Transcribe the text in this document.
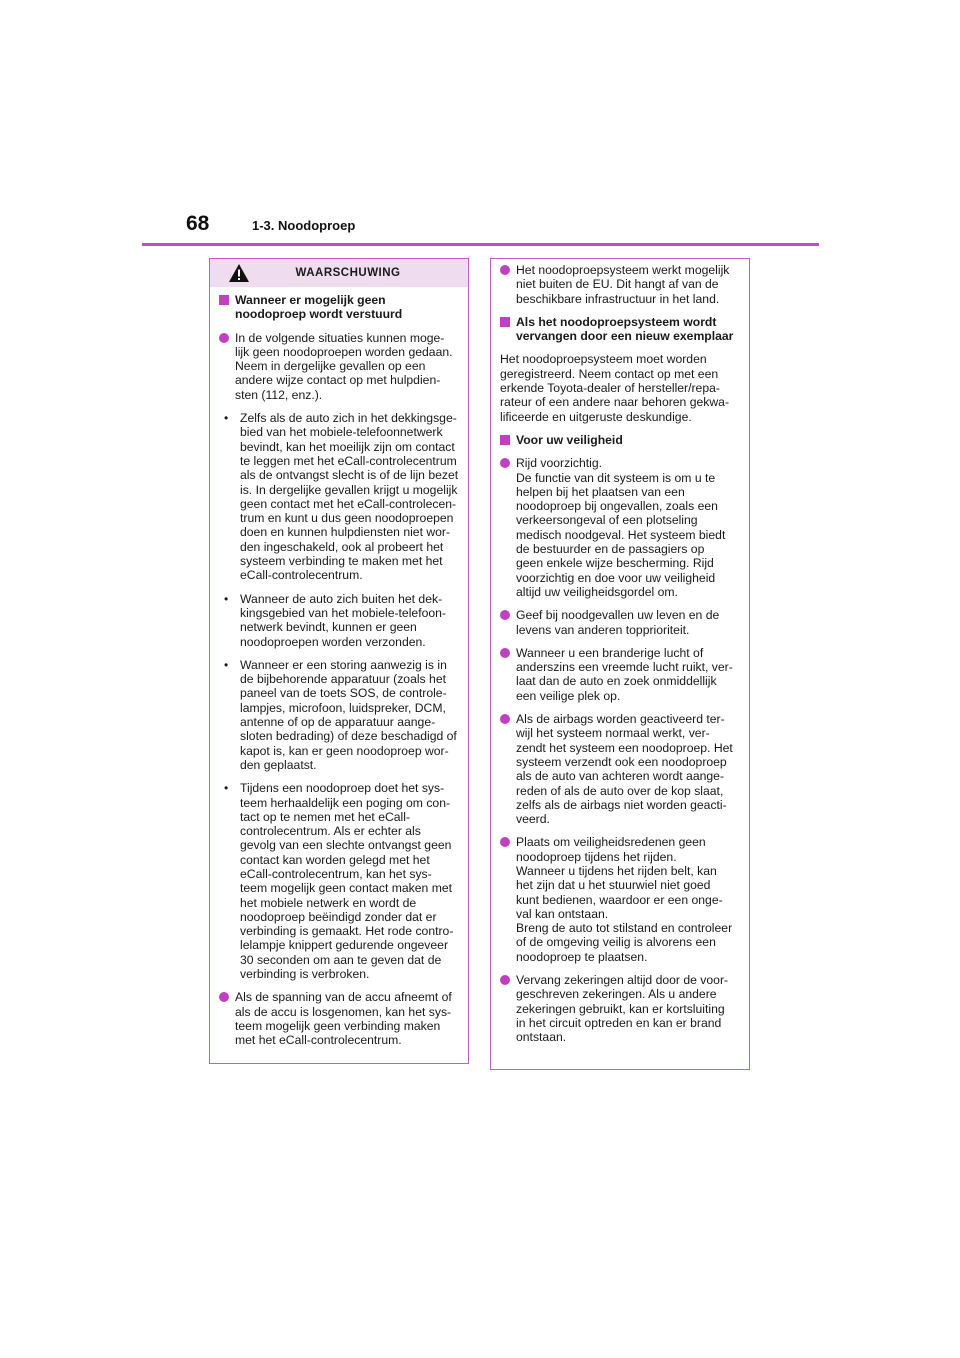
68	1-3. Noodoproep
WAARSCHUWING
Wanneer er mogelijk geen
noodoproep wordt verstuurd
In de volgende situaties kunnen moge-
lijk geen noodoproepen worden gedaan.
Neem in dergelijke gevallen op een
andere wijze contact op met hulpdien-
sten (112, enz.).
• Zelfs als de auto zich in het dekkingsge-
bied van het mobiele-telefoonnetwerk
bevindt, kan het moeilijk zijn om contact
te leggen met het eCall-controlecentrum
als de ontvangst slecht is of de lijn bezet
is. In dergelijke gevallen krijgt u mogelijk
geen contact met het eCall-controlecen-
trum en kunt u dus geen noodoproepen
doen en kunnen hulpdiensten niet wor-
den ingeschakeld, ook al probeert het
systeem verbinding te maken met het
eCall-controlecentrum.
• Wanneer de auto zich buiten het dek-
kingsgebied van het mobiele-telefoon-
netwerk bevindt, kunnen er geen
noodoproepen worden verzonden.
• Wanneer er een storing aanwezig is in
de bijbehorende apparatuur (zoals het
paneel van de toets SOS, de controle-
lampjes, microfoon, luidspreker, DCM,
antenne of op de apparatuur aange-
sloten bedrading) of deze beschadigd of
kapot is, kan er geen noodoproep wor-
den geplaatst.
• Tijdens een noodoproep doet het sys-
teem herhaaldelijk een poging om con-
tact op te nemen met het eCall-
controlecentrum. Als er echter als
gevolg van een slechte ontvangst geen
contact kan worden gelegd met het
eCall-controlecentrum, kan het sys-
teem mogelijk geen contact maken met
het mobiele netwerk en wordt de
noodoproep beëindigd zonder dat er
verbinding is gemaakt. Het rode contro-
lelampje knippert gedurende ongeveer
30 seconden om aan te geven dat de
verbinding is verbroken.
Als de spanning van de accu afneemt of
als de accu is losgenomen, kan het sys-
teem mogelijk geen verbinding maken
met het eCall-controlecentrum.
Het noodoproepsysteem werkt mogelijk
niet buiten de EU. Dit hangt af van de
beschikbare infrastructuur in het land.
Als het noodoproepsysteem wordt
vervangen door een nieuw exemplaar
Het noodoproepsysteem moet worden
geregistreerd. Neem contact op met een
erkende Toyota-dealer of hersteller/repa-
rateur of een andere naar behoren gekwa-
lificeerde en uitgeruste deskundige.
Voor uw veiligheid
Rijd voorzichtig.
De functie van dit systeem is om u te
helpen bij het plaatsen van een
noodoproep bij ongevallen, zoals een
verkeersongeval of een plotseling
medisch noodgeval. Het systeem biedt
de bestuurder en de passagiers op
geen enkele wijze bescherming. Rijd
voorzichtig en doe voor uw veiligheid
altijd uw veiligheidsgordel om.
Geef bij noodgevallen uw leven en de
levens van anderen topprioriteit.
Wanneer u een branderige lucht of
anderszins een vreemde lucht ruikt, ver-
laat dan de auto en zoek onmiddellijk
een veilige plek op.
Als de airbags worden geactiveerd ter-
wijl het systeem normaal werkt, ver-
zendt het systeem een noodoproep. Het
systeem verzendt ook een noodoproep
als de auto van achteren wordt aange-
reden of als de auto over de kop slaat,
zelfs als de airbags niet worden geacti-
veerd.
Plaats om veiligheidsredenen geen
noodoproep tijdens het rijden.
Wanneer u tijdens het rijden belt, kan
het zijn dat u het stuurwiel niet goed
kunt bedienen, waardoor er een onge-
val kan ontstaan.
Breng de auto tot stilstand en controleer
of de omgeving veilig is alvorens een
noodoproep te plaatsen.
Vervang zekeringen altijd door de voor-
geschreven zekeringen. Als u andere
zekeringen gebruikt, kan er kortsluiting
in het circuit optreden en kan er brand
ontstaan.
